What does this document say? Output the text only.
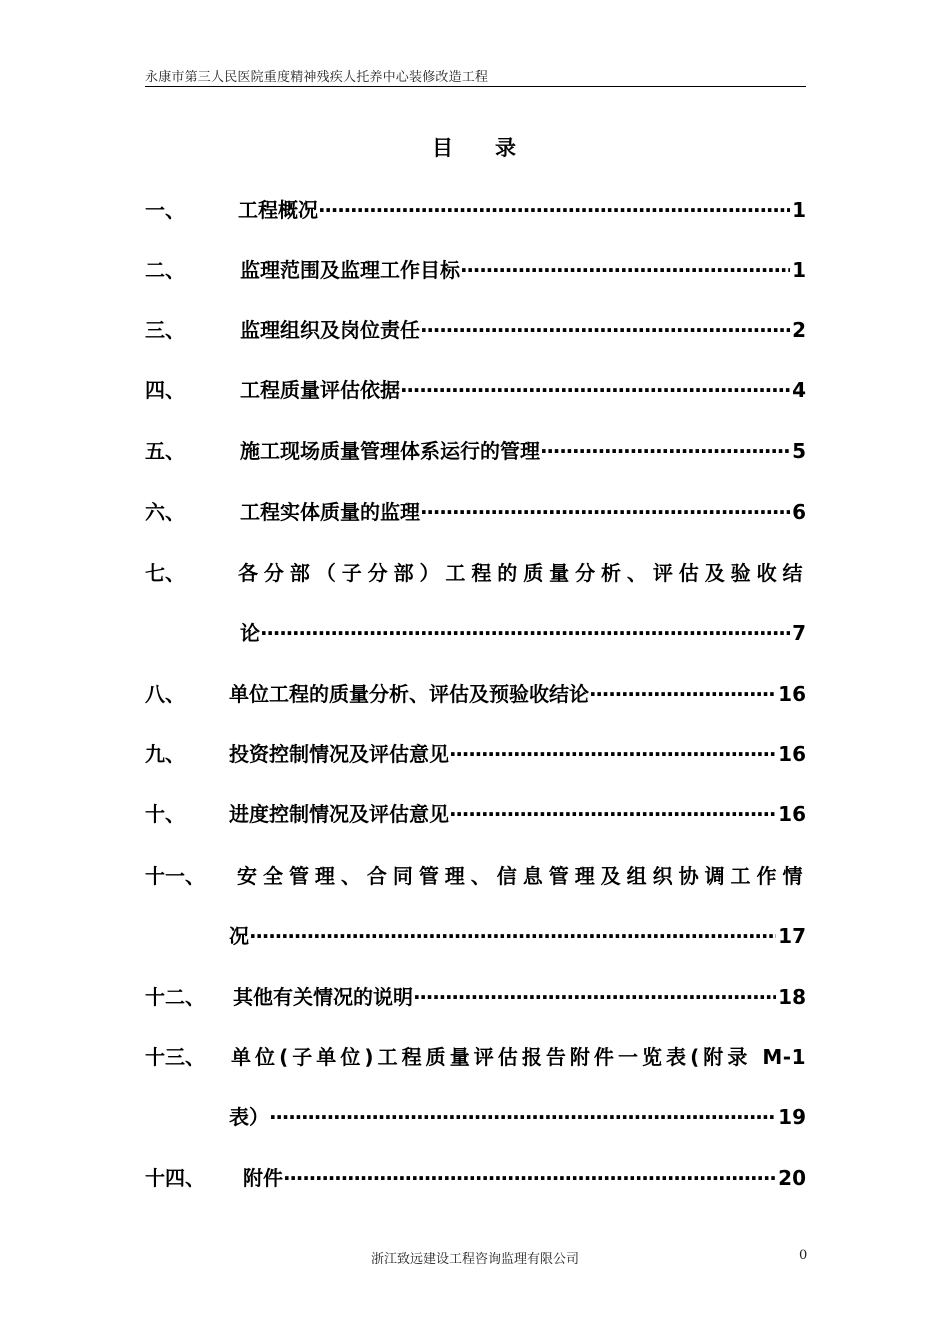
永康市第三人民医院重度精神残疾人托养中心装修改造工程
目 录
一、	工程概况 ·····	1
二、	监理范围及监理工作目标 ·····	1
三、	监理组织及岗位责任 ·····	2
四、	工程质量评估依据 ·····	4
五、	施工现场质量管理体系运行的管理 ·····	5
六、	工程实体质量的监理 ·····	6
七、	各分部（子分部）工程的质量分析、评估及验收结
论 ·····	7
八、 单位工程的质量分析、评估及预验收结论 ·····	16
九、 投资控制情况及评估意见 ·····	16
十、 进度控制情况及评估意见 ·····	16
十一、 安全管理、合同管理、信息管理及组织协调工作情
况 ·····	17
十二、 其他有关情况的说明 ·····	18
十三、 单位(子单位)工程质量评估报告附件一览表(附录 M-1
表） ·····	19
十四、 附件 ·····	20
浙江致远建设工程咨询监理有限公司	0
